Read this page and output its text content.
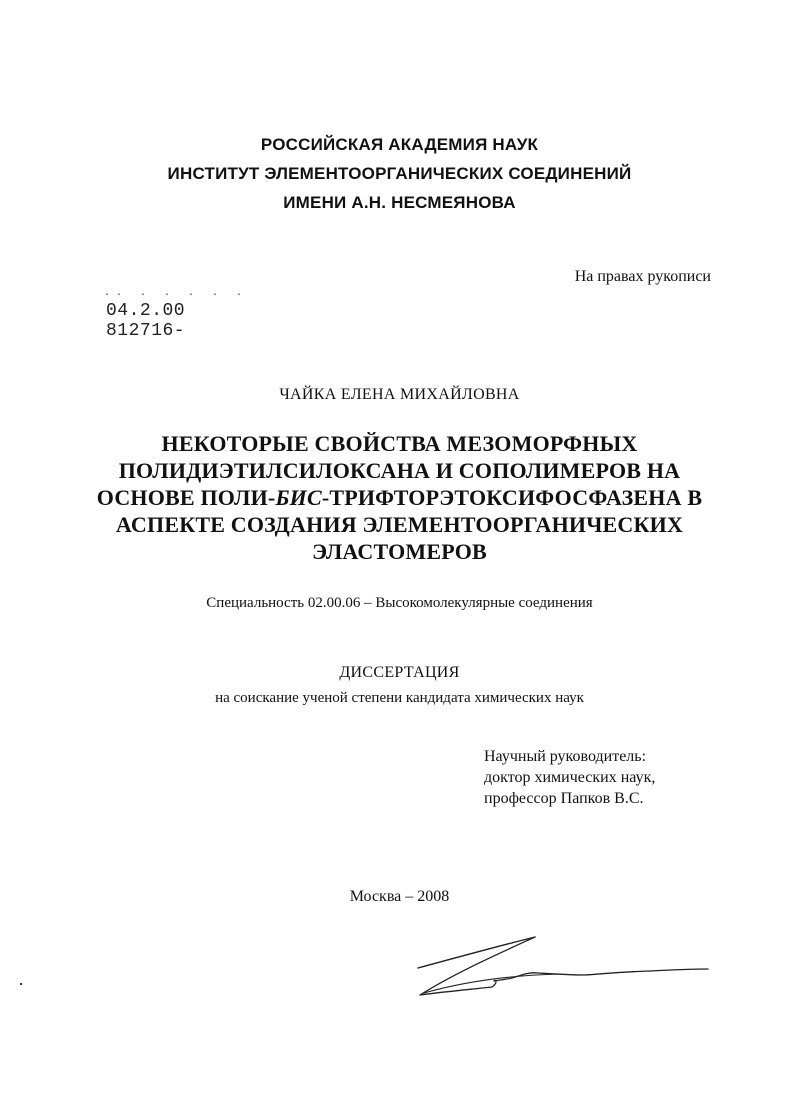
РОССИЙСКАЯ АКАДЕМИЯ НАУК
ИНСТИТУТ ЭЛЕМЕНТООРГАНИЧЕСКИХ СОЕДИНЕНИЙ
ИМЕНИ А.Н. НЕСМЕЯНОВА
На правах рукописи
·· · · · · ·
04.2.00 812716-
ЧАЙКА ЕЛЕНА МИХАЙЛОВНА
НЕКОТОРЫЕ СВОЙСТВА МЕЗОМОРФНЫХ
ПОЛИДИЭТИЛСИЛОКСАНА И СОПОЛИМЕРОВ НА
ОСНОВЕ ПОЛИ-БИС-ТРИФТОРЭТОКСИФОСФАЗЕНА В
АСПЕКТЕ СОЗДАНИЯ ЭЛЕМЕНТООРГАНИЧЕСКИХ
ЭЛАСТОМЕРОВ
Специальность 02.00.06 – Высокомолекулярные соединения
ДИССЕРТАЦИЯ
на соискание ученой степени кандидата химических наук
Научный руководитель:
доктор химических наук,
профессор Папков В.С.
Москва – 2008
